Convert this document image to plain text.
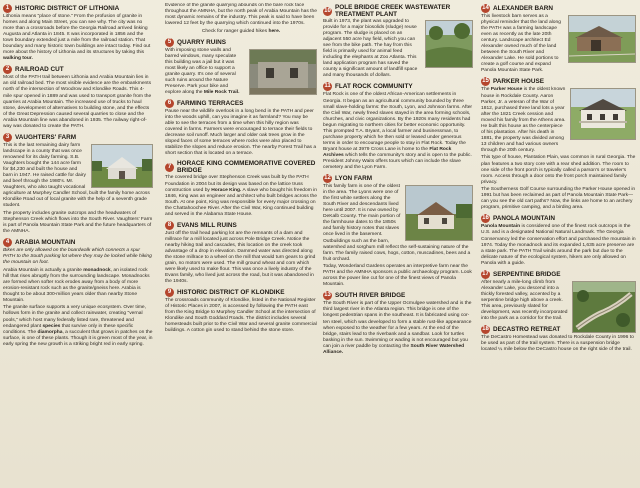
1 HISTORIC DISTRICT OF LITHONIA

Lithonia means "place of stone." From the profusion of granite in homes and along Main Street, you can see why. The city was no more than a crossroads before the Georgia Railroad arrived linking Augusta and Atlanta in 1845. It was incorporated in 1856 and the town boundary extended just a mile from the railroad station. That boundary and many historic town buildings are intact today. Find out more about the history of Lithonia and its structures by taking this walking tour.

2 RAILROAD CUT

Most of the PATH trail between Lithonia and Arabia Mountain lies in an old railroad bed. The most visible evidence are the embankments north of the intersection of Woodrow and Klondike Roads. This 4-mile spur opened in 1889 and was used to transport granite from the quarries at Arabia Mountain. The increased use of trucks to haul stone, development of alternatives to building stone, and the effects of the Great Depression caused several quarries to close and the Arabia Mountain line was abandoned in 1935. The railway right-of-way was donated to create the PATH.

3 VAUGHTERS' FARM

This is the last remaining dairy farm landscape in a county that was once renowned for its dairy farming. S.B. Vaughters bought the 144 acre farm for $4,230 and built the house and barn in 1947. He raised cattle for dairy and beef through the 1980's. Mr. Vaughters, who also taught vocational agriculture at Murphey Candler School, built the family home across Klondike Road out of local granite with the help of a seventh grade student.

The property includes granite outcrops and the headwaters of Stephenson Creek which flows into the South River. Vaughters' Farm is part of Panola Mountain State Park and the future headquarters of the AMNHA.

4 ARABIA MOUNTAIN

Bikes are only allowed on the boardwalk which connects a spur PATH to the South parking lot where they may be locked while hiking the mountain on foot.

Arabia Mountain is actually a granite monadnock, an isolated rock hill that rises abruptly from the surrounding landscape. Monadnocks are formed when softer rock erodes away from a body of more erosion-resistant rock such as the granite/gneiss here. Arabia is thought to be about 300-million years older than nearby Stone Mountain.

The granite surface supports a very unique ecosystem. Over time, hollows form in the granite and collect rainwater, creating "vernal pools," which host many federally listed rare, threatened and endangered plant species that survive only in these specific conditions. The diamorpha, a succulent that grows in patches on the surface, is one of these plants. Though it is green most of the year, in early spring the new growth is a striking bright red in early spring.

Evidence of the granite quarrying abounds on the bare rock face throughout the AMNHA, but the north peak of Arabia Mountain has the most dynamic remains of the industry. This peak is said to have been lowered 12 feet by the quarrying which continued into the 1970s.

Check for ranger guided hikes here.

5 QUARRY RUINS

With imposing stone walls and barred windows, many speculate this building was a jail but it was most likely an office to support a granite quarry. It's one of several such ruins around the Nature Preserve. Park your bike and explore along the Mile Rock Trail.

6 FARMING TERRACES

Pause near the wildlife overlook in a long bend in the PATH and peer into the woods uphill, can you imagine it as farmland? You may be able to see the terraces from a time when this hilly region was covered in farms. Farmers were encouraged to terrace their fields to decrease soil runoff. Much larger and older oak trees grow in the sloped faces of some terraces where rocks were also placed to stabilize the slopes and reduce erosion. The nearby Forest Trail has a short section that is located on a terrace.

7 HORACE KING COMMEMORATIVE COVERED BRIDGE

The covered bridge over Stephenson Creek was built by the PATH Foundation in 2004 but its design was based on the lattice truss construction used by Horace King. A slave who bought his freedom in 1846, King was an engineer and architect who built bridges across the South. At one point, King was responsible for every major crossing on the Chattahoochee River. After the Civil War, King continued building and served in the Alabama State House.

8 EVANS MILL RUINS

Just off the trail head parking lot are the remnants of a dam and millrace for a mill located just across Pole Bridge Creek. Notice the nearby hiking trail and cascades, this location on the creek took advantage of a drop in elevation. Dammed water was directed along the stone millrace to a wheel on the mill that would turn gears to grind grain, no motors were used. The mill ground wheat and corn which were likely used to make flour. This was once a lively industry of the Evans family, who lived just across the road, but it was abandoned in the 1940s.

9 HISTORIC DISTRICT OF KLONDIKE

The crossroads community of Klondike, listed in the National Register of Historic Places in 2007, is accessed by following the PATH east from the King Bridge to Murphey Candler School at the intersection of Klondike and South Goddard Roads. The district includes several homesteads built prior to the Civil War and several granite commercial buildings. A cotton gin used to stand behind the stone store.

10 POLE BRIDGE CREEK WASTEWATER TREATMENT PLANT

Built in 1973, the plant was upgraded to provide for a major biosolids (sludge) reuse program. The sludge is placed on an adjacent 550 acre hay field, which you can see from the bike path. The hay from this field is primarily used for animal feed including the elephants at Zoo Atlanta. This land application program has saved the county a significant amount of landfill space and many thousands of dollars.

11 FLAT ROCK COMMUNITY

Flat Rock is one of the oldest African-American settlements in Georgia. It began as an agricultural community bounded by three small slave-holding farms: the South, Lyon, and Johnson farms. After the Civil War, newly freed slaves stayed in the area forming schools, churches, and civic organizations. By the 1920s many residents had begun migrating to northern cities for better economic opportunity. This prompted T.A. Bryant, a local farmer and businessman, to purchase property which he then sold or leased under generous terms in order to encourage people to stay in Flat Rock. Today the Bryant house at 3979 Cross Lane is home to the Flat Rock Archives which tells the community's story and is open to the public. President Johnny Waits offers tours which can include the slave cemetery and the Lyon Farm.

12 LYON FARM

This family farm is one of the oldest in the area. The Lyons were one of the first white settlers along the South River and descendants lived here until 2007. It is now owned by DeKalb County. The main portion of the farmhouse dates to the 1850s and family history notes that slaves once lived in the basement. Outbuildings such as the barn, watershed and sorghum mill reflect the self-sustaining nature of the farm. The family raised cows, hogs, cotton, muscadines, bees and a fruit orchard.

Today, Wonderland Gardens operates an interpretive farm near the PATH and the AMNHA sponsors a public archaeology program. Look across the power line cut for one of the finest views of Panola Mountain.

13 SOUTH RIVER BRIDGE

The South River is part of the Upper Ocmulgee watershed and is the third largest river in the Atlanta region. This bridge is one of the longest pedestrian spans in the southeast. It is fabricated using cor-ten steel, which was developed to form a stable rust-like appearance when exposed to the weather for a few years. At the end of the bridge, stairs lead to the riverbank and a sandbar. Look for turtles basking in the sun. Swimming or wading is not encouraged but you can join a river paddle by contacting the South River Watershed Alliance.

14 ALEXANDER BARN

This livestock barn serves as a physical reminder that the land along the PATH was a farming landscape even as recently as the late 20th century. Landscape architect Ed Alexander owned much of the land between the South River and Alexander Lake. He sold portions to create a golf course and expand Panola Mountain State Park.

15 PARKER HOUSE

The Parker House is the oldest known house in Rockdale County. Aaron Parker, Jr. a veteran of the War of 1812, purchased three land lots a year after the 1821 Creek cession and moved his family from the Athens area. He built this house as the centerpiece of his plantation. After his death in 1881, the property was divided among 13 children and had various owners through the 20th century.

This type of house, Plantation Plain, was common in rural Georgia. The plan features a two story core with a rear shed addition. The room to one side of the front porch is typically called a parson's or traveler's room. Access through a door onto the front porch maintained family privacy.

The Southerness Golf Course surrounding the Parker House opened in 1991 but has been reclaimed as part of Panola Mountain State Park—can you see the old cart paths? Now, the links are home to an archery program, primitive camping, and a birding area.

16 PANOLA MOUNTAIN

Panola Mountain is considered one of the finest rock outcrops in the U.S. and is a designated National Natural Landmark. The Georgia Conservancy led the conservation effort and purchased the mountain in 1974. Today the monadnock and its expanded 1,635 acre preserve are a state park. The PATH Trail winds around the park but due to the delicate nature of the ecological system, hikers are only allowed on Panola with a guide.

17 SERPENTINE BRIDGE

After nearly a mile-long climb from Alexander Lake, you descend into a thickly forested valley, accented by a serpentine bridge high above a creek. This area, previously slated for development, was recently incorporated into the park as a corridor for the trail.

18 DECASTRO RETREAT

The DeCastro Homestead was donated to Rockdale County in 1996 to be used as part of the trail system. There is a suspension bridge located ¼ mile below the DeCastro house on the right side of the trail.
